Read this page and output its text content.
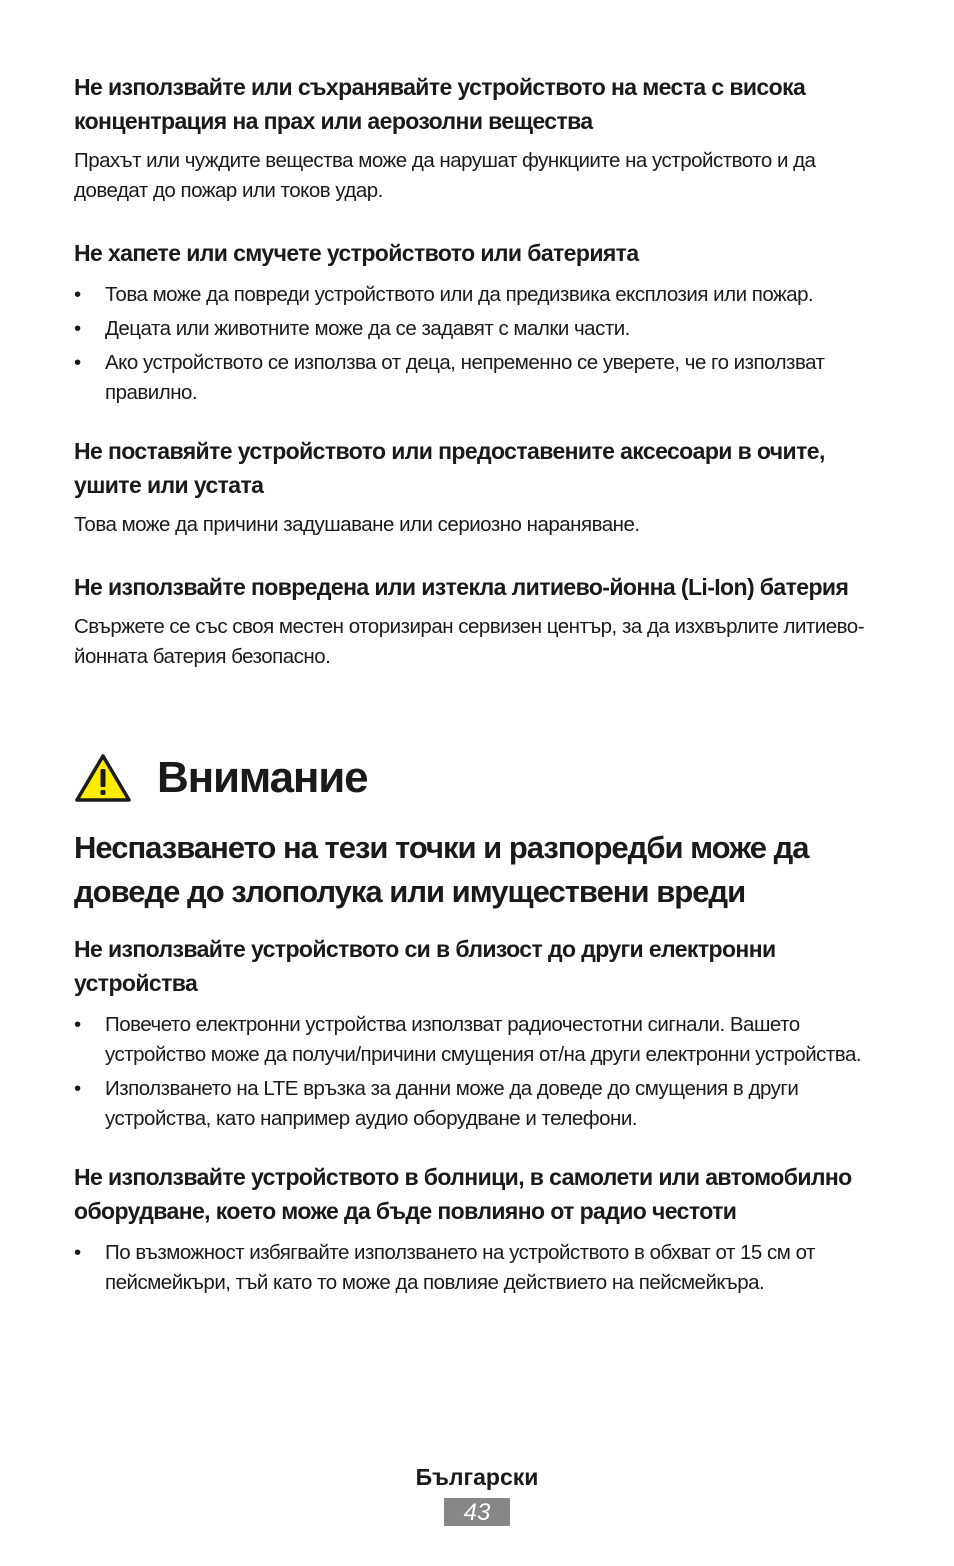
Не използвайте или съхранявайте устройството на места с висока концентрация на прах или аерозолни вещества

Прахът или чуждите вещества може да нарушат функциите на устройството и да доведат до пожар или токов удар.

Не хапете или смучете устройството или батерията
•	Това може да повреди устройството или да предизвика експлозия или пожар.
•	Децата или животните може да се задавят с малки части.
•	Ако устройството се използва от деца, непременно се уверете, че го използват правилно.
Не поставяйте устройството или предоставените аксесоари в очите, ушите или устата

Това може да причини задушаване или сериозно нараняване.

Не използвайте повредена или изтекла литиево-йонна (Li-Ion) батерия

Свържете се със своя местен оторизиран сервизен център, за да изхвърлите литиево-йонната батерия безопасно.

Внимание
Неспазването на тези точки и разпоредби може да доведе до злополука или имуществени вреди
Не използвайте устройството си в близост до други електронни устройства
•	Повечето електронни устройства използват радиочестотни сигнали. Вашето устройство може да получи/причини смущения от/на други електронни устройства.
•	Използването на LTE връзка за данни може да доведе до смущения в други устройства, като например аудио оборудване и телефони.
Не използвайте устройството в болници, в самолети или автомобилно оборудване, което може да бъде повлияно от радио честоти
•	По възможност избягвайте използването на устройството в обхват от 15 см от пейсмейкъри, тъй като то може да повлияе действието на пейсмейкъра.
Български
43
